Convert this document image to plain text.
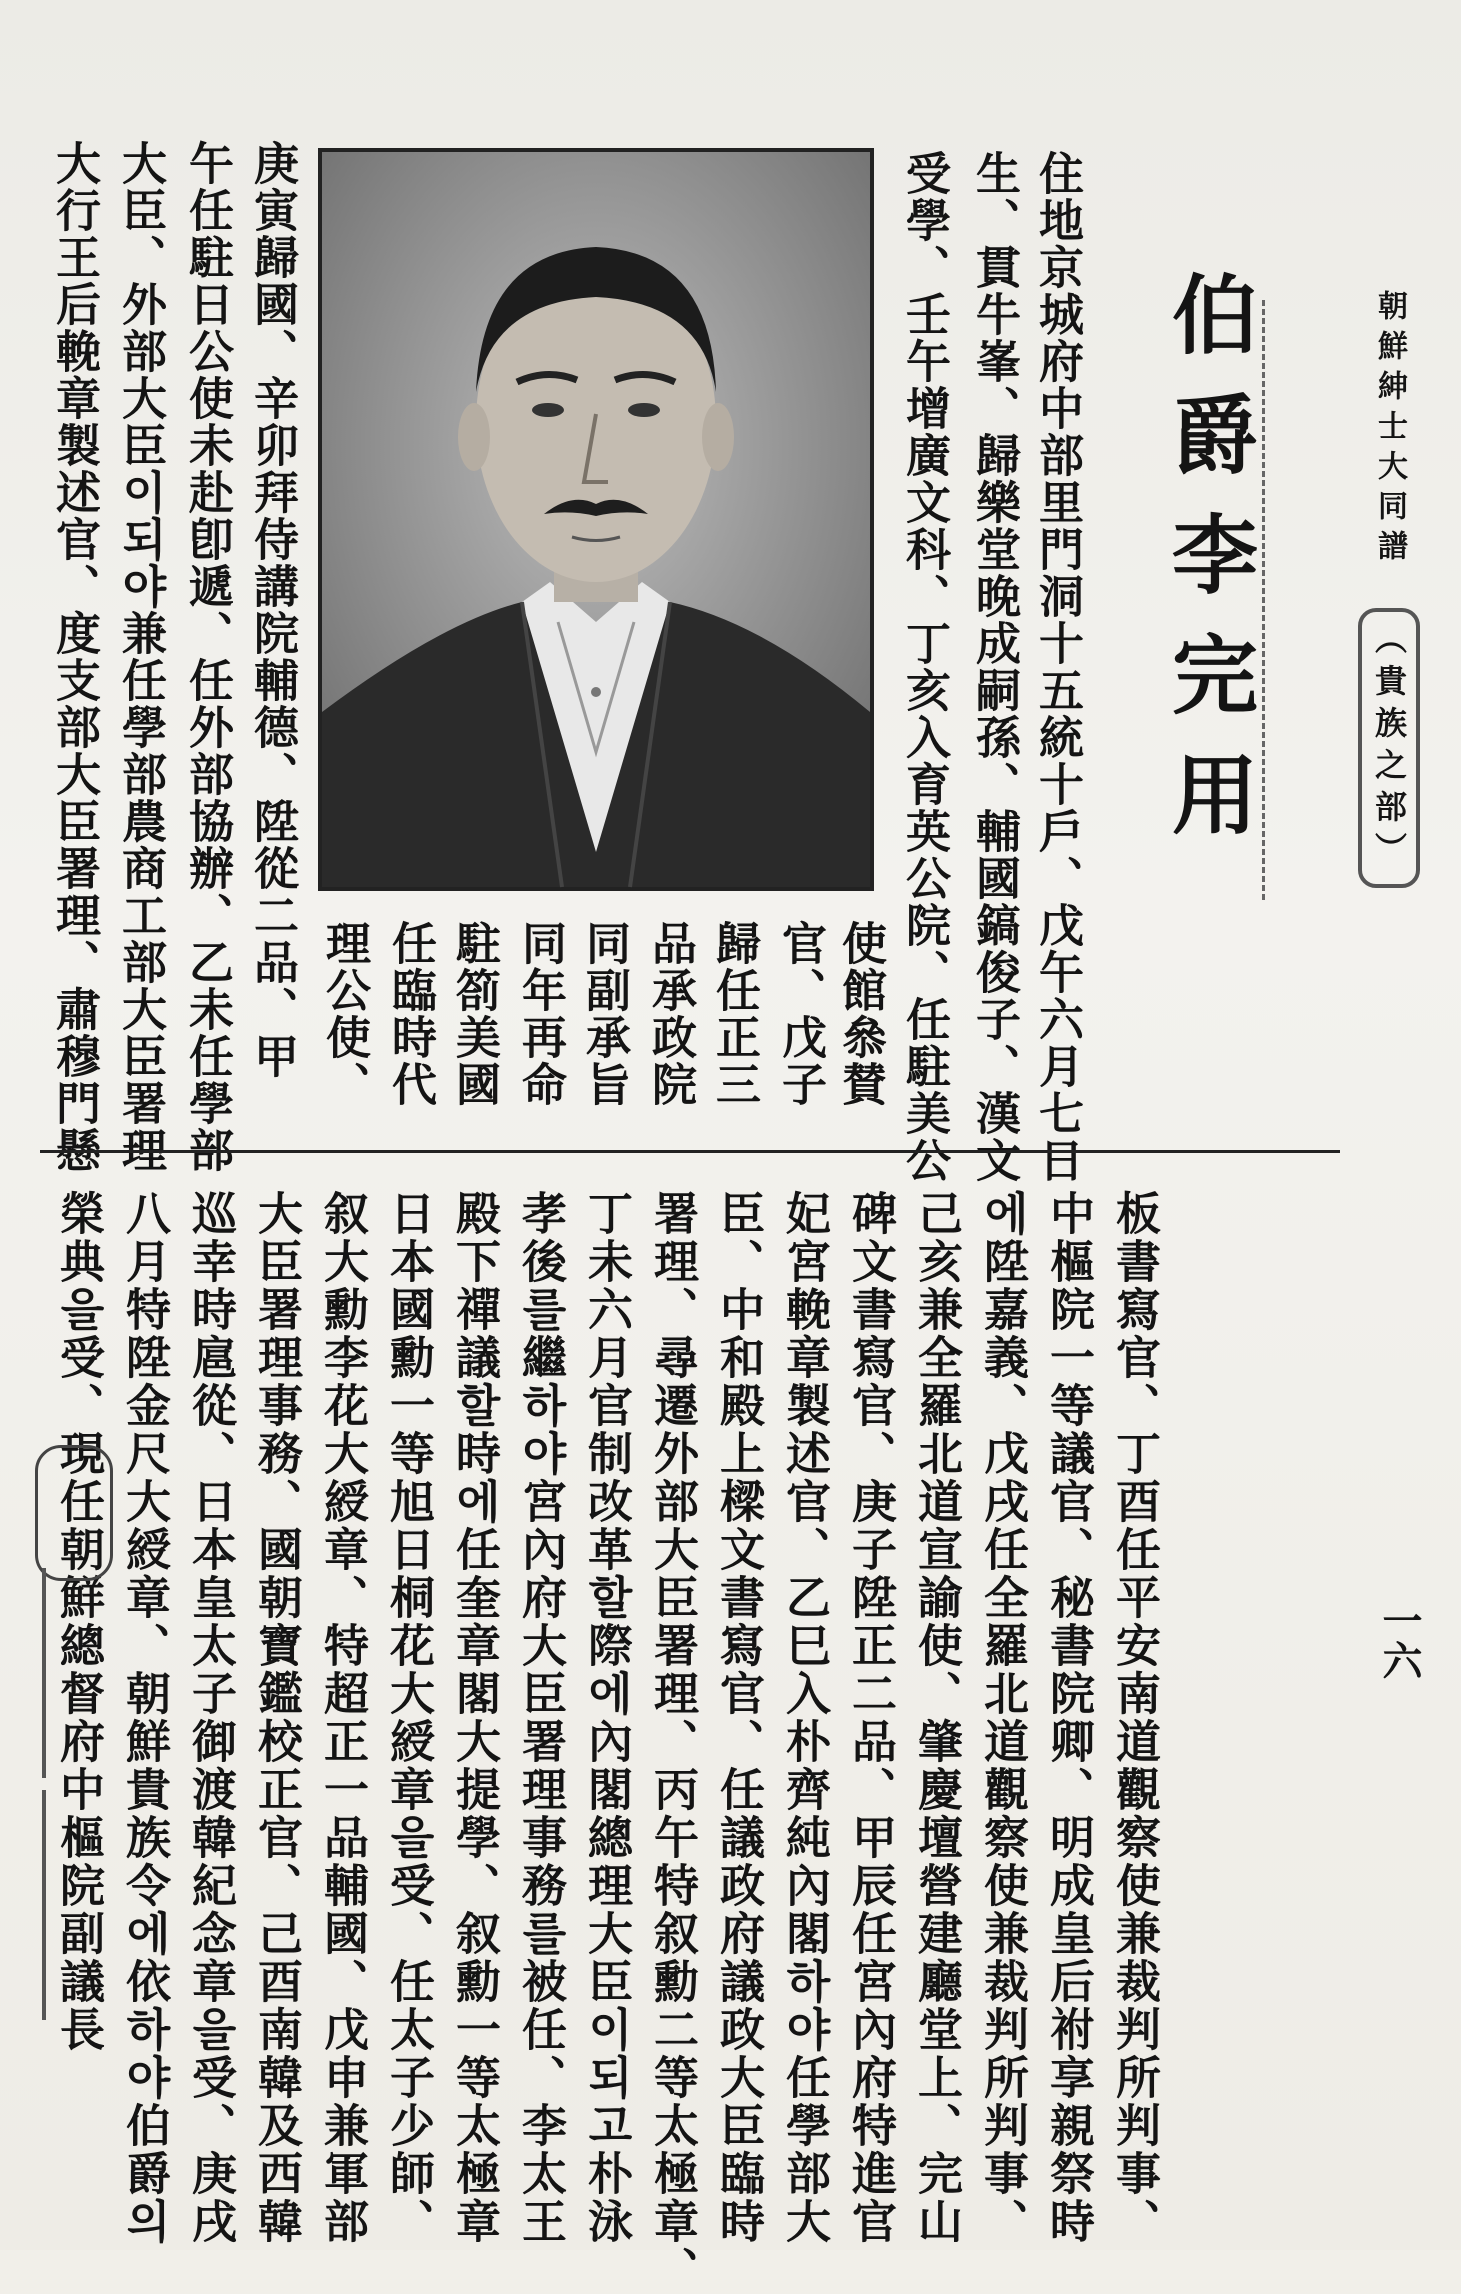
朝鮮紳士大同譜 （貴族之部）
伯爵李完用
住地京城府中部里門洞十五統十戶、戊午六月七日
生、貫牛峯、歸樂堂晚成嗣孫、輔國鎬俊子、漢文
受學、壬午增廣文科、丁亥入育英公院、任駐美公
使館叅賛
官、戊子
歸任正三
品承政院
同副承旨
同年再命
駐箚美國
任臨時代
理公使、
庚寅歸國、辛卯拜侍講院輔德、陞從二品、甲
午任駐日公使未赴卽遞、任外部協辦、乙未任學部
大臣、外部大臣이되야兼任學部農商工部大臣署理
大行王后輓章製述官、度支部大臣署理、肅穆門懸
板書寫官、丁酉任平安南道觀察使兼裁判所判事、
中樞院一等議官、秘書院卿、明成皇后祔享親祭時
에陞嘉義、戊戌任全羅北道觀察使兼裁判所判事、
己亥兼全羅北道宣諭使、肇慶壇營建廳堂上、完山
碑文書寫官、庚子陞正二品、甲辰任宮內府特進官
妃宮輓章製述官、乙巳入朴齊純內閣하야任學部大
臣、中和殿上樑文書寫官、任議政府議政大臣臨時
署理、尋遷外部大臣署理、丙午特叙勳二等太極章、
丁未六月官制改革할際에內閣總理大臣이되고朴泳
孝後를繼하야宮內府大臣署理事務를被任、李太王
殿下禪議할時에任奎章閣大提學、叙勳一等太極章
日本國勳一等旭日桐花大綬章을受、任太子少師、
叙大勳李花大綬章、特超正一品輔國、戊申兼軍部
大臣署理事務、國朝寶鑑校正官、己酉南韓及西韓
巡幸時扈從、日本皇太子御渡韓紀念章을受、庚戌
八月特陞金尺大綬章、朝鮮貴族令에依하야伯爵의
榮典을受、現任朝鮮總督府中樞院副議長	一六
